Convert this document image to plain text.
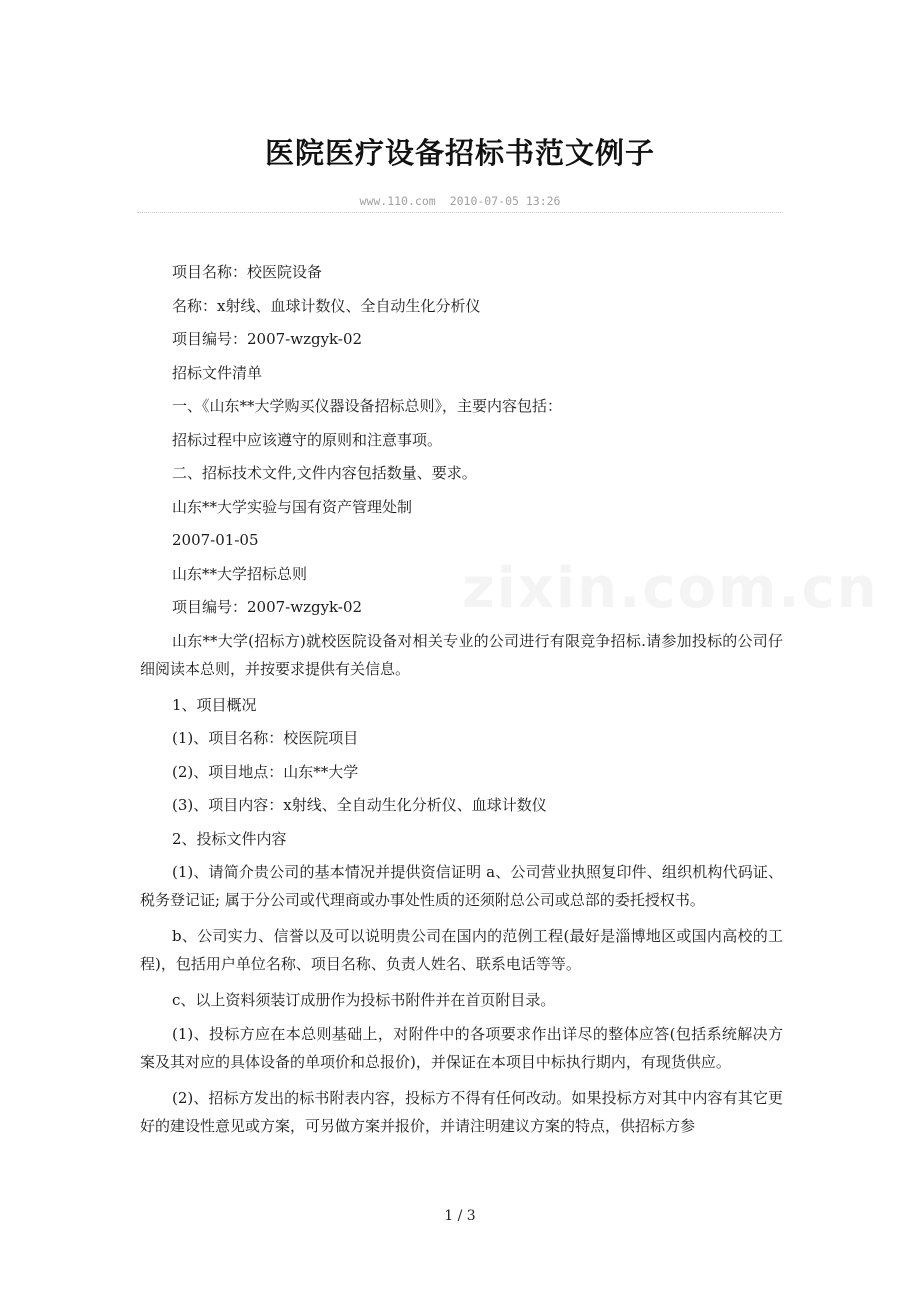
医院医疗设备招标书范文例子
www.110.com 2010-07-05 13:26
zixin.com.cn

项目名称：校医院设备

名称：x射线、血球计数仪、全自动生化分析仪

项目编号：2007-wzgyk-02

招标文件清单

一、《山东**大学购买仪器设备招标总则》，主要内容包括：

招标过程中应该遵守的原则和注意事项。

二、招标技术文件,文件内容包括数量、要求。

山东**大学实验与国有资产管理处制

2007-01-05

山东**大学招标总则

项目编号：2007-wzgyk-02

山东**大学(招标方)就校医院设备对相关专业的公司进行有限竞争招标.请参加投标的公司仔细阅读本总则，并按要求提供有关信息。

1、项目概况

(1)、项目名称：校医院项目

(2)、项目地点：山东**大学

(3)、项目内容：x射线、全自动生化分析仪、血球计数仪

2、投标文件内容

(1)、请简介贵公司的基本情况并提供资信证明 a、公司营业执照复印件、组织机构代码证、税务登记证; 属于分公司或代理商或办事处性质的还须附总公司或总部的委托授权书。

b、公司实力、信誉以及可以说明贵公司在国内的范例工程(最好是淄博地区或国内高校的工程)，包括用户单位名称、项目名称、负责人姓名、联系电话等等。

c、以上资料须装订成册作为投标书附件并在首页附目录。

(1)、投标方应在本总则基础上，对附件中的各项要求作出详尽的整体应答(包括系统解决方案及其对应的具体设备的单项价和总报价)，并保证在本项目中标执行期内，有现货供应。

(2)、招标方发出的标书附表内容，投标方不得有任何改动。如果投标方对其中内容有其它更好的建设性意见或方案，可另做方案并报价，并请注明建议方案的特点，供招标方参

1 / 3
